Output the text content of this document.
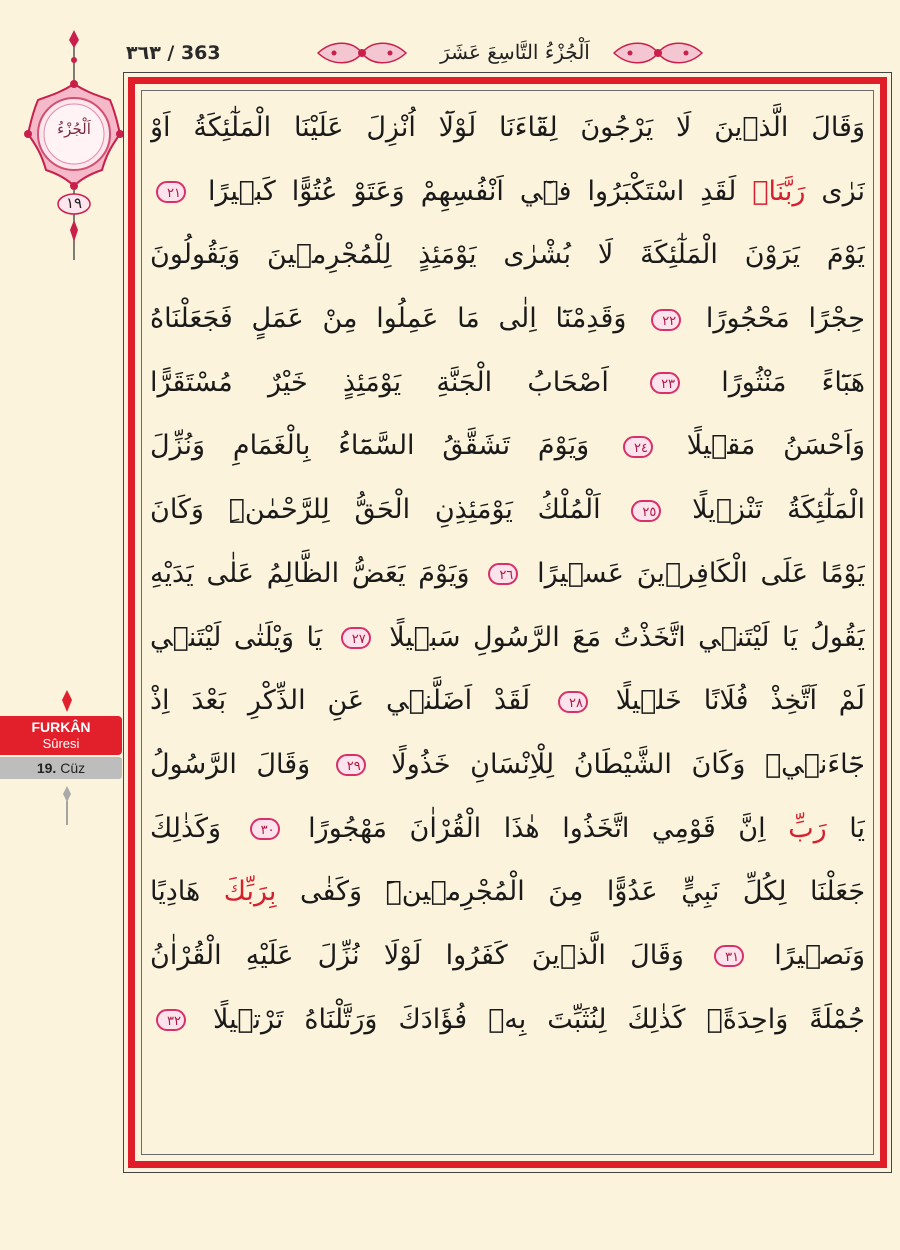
٣٦٣ / 363	اَلْجُزْءُ التَّاسِعَ عَشَرَ
اَلْجُزْءُ
١٩
FURKÂN
Sûresi
19. Cüz
وَقَالَ الَّذ۪ينَ لَا يَرْجُونَ لِقَٓاءَنَا لَوْلَٓا اُنْزِلَ عَلَيْنَا الْمَلٰٓئِكَةُ اَوْ
نَرٰى رَبَّنَاۜ لَقَدِ اسْتَكْبَرُوا ف۪ٓي اَنْفُسِهِمْ وَعَتَوْ عُتُوًّا كَب۪يرًا ٢١
يَوْمَ يَرَوْنَ الْمَلٰٓئِكَةَ لَا بُشْرٰى يَوْمَئِذٍ لِلْمُجْرِم۪ينَ وَيَقُولُونَ
حِجْرًا مَحْجُورًا ٢٢ وَقَدِمْنَٓا اِلٰى مَا عَمِلُوا مِنْ عَمَلٍ فَجَعَلْنَاهُ
هَبَٓاءً مَنْثُورًا ٢٣ اَصْحَابُ الْجَنَّةِ يَوْمَئِذٍ خَيْرٌ مُسْتَقَرًّا
وَاَحْسَنُ مَق۪يلًا ٢٤ وَيَوْمَ تَشَقَّقُ السَّمَٓاءُ بِالْغَمَامِ وَنُزِّلَ
الْمَلٰٓئِكَةُ تَنْز۪يلًا ٢٥ اَلْمُلْكُ يَوْمَئِذِنِ الْحَقُّ لِلرَّحْمٰنِۜ وَكَانَ
يَوْمًا عَلَى الْكَافِر۪ينَ عَس۪يرًا ٢٦ وَيَوْمَ يَعَضُّ الظَّالِمُ عَلٰى يَدَيْهِ
يَقُولُ يَا لَيْتَن۪ي اتَّخَذْتُ مَعَ الرَّسُولِ سَب۪يلًا ٢٧ يَا وَيْلَتٰى لَيْتَن۪ي
لَمْ اَتَّخِذْ فُلَانًا خَل۪يلًا ٢٨ لَقَدْ اَضَلَّن۪ي عَنِ الذِّكْرِ بَعْدَ اِذْ
جَٓاءَن۪يۜ وَكَانَ الشَّيْطَانُ لِلْاِنْسَانِ خَذُولًا ٢٩ وَقَالَ الرَّسُولُ
يَا رَبِّ اِنَّ قَوْمِي اتَّخَذُوا هٰذَا الْقُرْاٰنَ مَهْجُورًا ٣٠ وَكَذٰلِكَ
جَعَلْنَا لِكُلِّ نَبِيٍّ عَدُوًّا مِنَ الْمُجْرِم۪ينَۜ وَكَفٰى بِرَبِّكَ هَادِيًا
وَنَص۪يرًا ٣١ وَقَالَ الَّذ۪ينَ كَفَرُوا لَوْلَا نُزِّلَ عَلَيْهِ الْقُرْاٰنُ
جُمْلَةً وَاحِدَةًۚ كَذٰلِكَ لِنُثَبِّتَ بِه۪ فُؤَادَكَ وَرَتَّلْنَاهُ تَرْت۪يلًا ٣٢
